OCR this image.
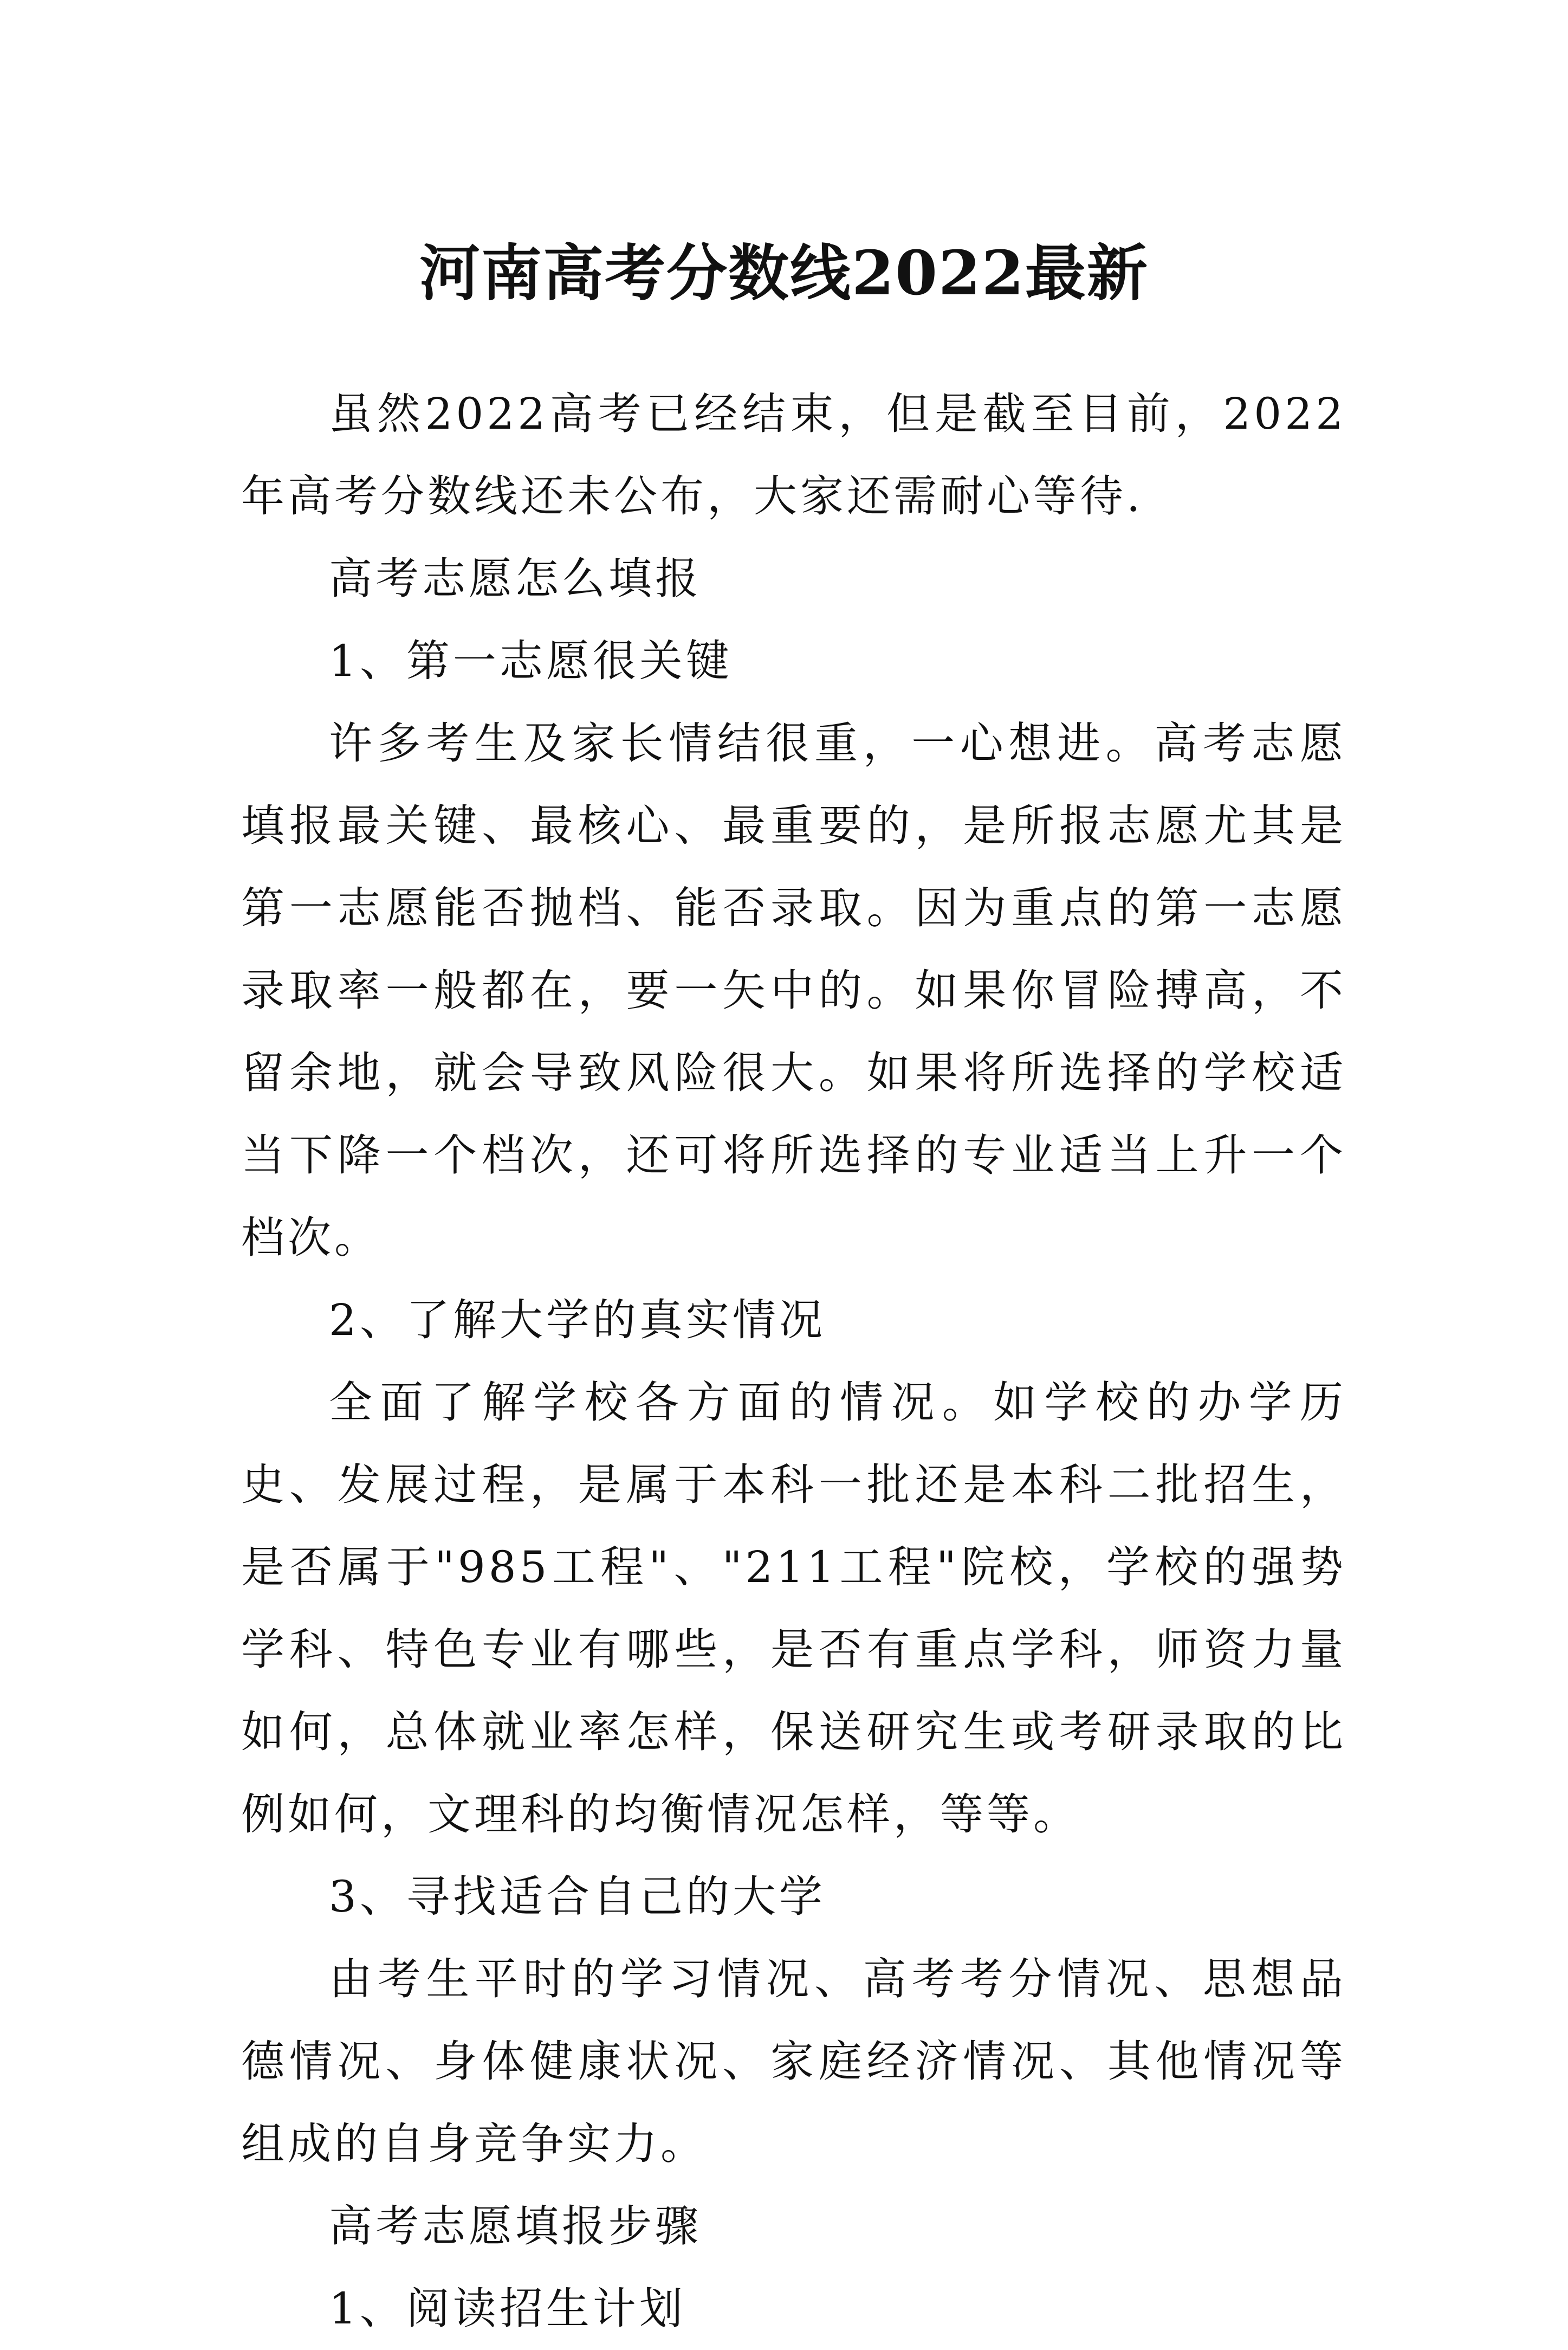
河南高考分数线2022最新

虽然2022高考已经结束，但是截至目前，2022年高考分数线还未公布，大家还需耐心等待.

高考志愿怎么填报

1、第一志愿很关键

许多考生及家长情结很重，一心想进。高考志愿填报最关键、最核心、最重要的，是所报志愿尤其是第一志愿能否抛档、能否录取。因为重点的第一志愿录取率一般都在，要一矢中的。如果你冒险搏高，不留余地，就会导致风险很大。如果将所选择的学校适当下降一个档次，还可将所选择的专业适当上升一个档次。

2、了解大学的真实情况

全面了解学校各方面的情况。如学校的办学历史、发展过程，是属于本科一批还是本科二批招生，是否属于"985工程"、"211工程"院校，学校的强势学科、特色专业有哪些，是否有重点学科，师资力量如何，总体就业率怎样，保送研究生或考研录取的比例如何，文理科的均衡情况怎样，等等。

3、寻找适合自己的大学

由考生平时的学习情况、高考考分情况、思想品德情况、身体健康状况、家庭经济情况、其他情况等组成的自身竞争实力。

高考志愿填报步骤

1、阅读招生计划
